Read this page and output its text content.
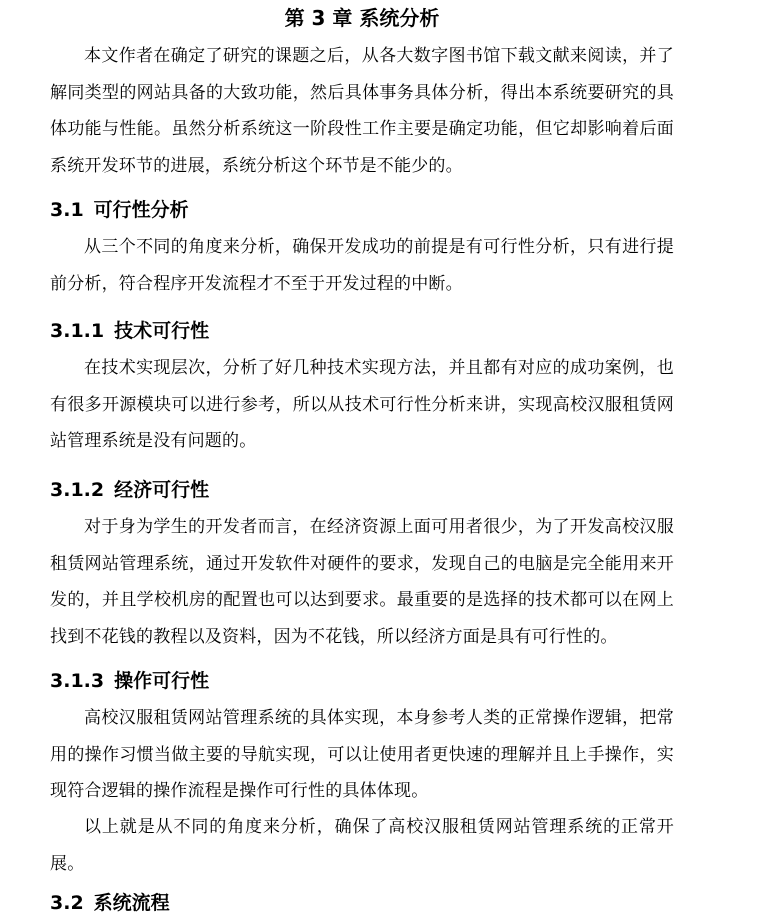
第 3 章 系统分析

本文作者在确定了研究的课题之后，从各大数字图书馆下载文献来阅读，并了解同类型的网站具备的大致功能，然后具体事务具体分析，得出本系统要研究的具体功能与性能。虽然分析系统这一阶段性工作主要是确定功能，但它却影响着后面系统开发环节的进展，系统分析这个环节是不能少的。

3.1 可行性分析

从三个不同的角度来分析，确保开发成功的前提是有可行性分析，只有进行提前分析，符合程序开发流程才不至于开发过程的中断。

3.1.1 技术可行性

在技术实现层次，分析了好几种技术实现方法，并且都有对应的成功案例，也有很多开源模块可以进行参考，所以从技术可行性分析来讲，实现高校汉服租赁网站管理系统是没有问题的。

3.1.2 经济可行性

对于身为学生的开发者而言，在经济资源上面可用者很少，为了开发高校汉服租赁网站管理系统，通过开发软件对硬件的要求，发现自己的电脑是完全能用来开发的，并且学校机房的配置也可以达到要求。最重要的是选择的技术都可以在网上找到不花钱的教程以及资料，因为不花钱，所以经济方面是具有可行性的。

3.1.3 操作可行性

高校汉服租赁网站管理系统的具体实现，本身参考人类的正常操作逻辑，把常用的操作习惯当做主要的导航实现，可以让使用者更快速的理解并且上手操作，实现符合逻辑的操作流程是操作可行性的具体体现。

以上就是从不同的角度来分析，确保了高校汉服租赁网站管理系统的正常开展。

3.2 系统流程
